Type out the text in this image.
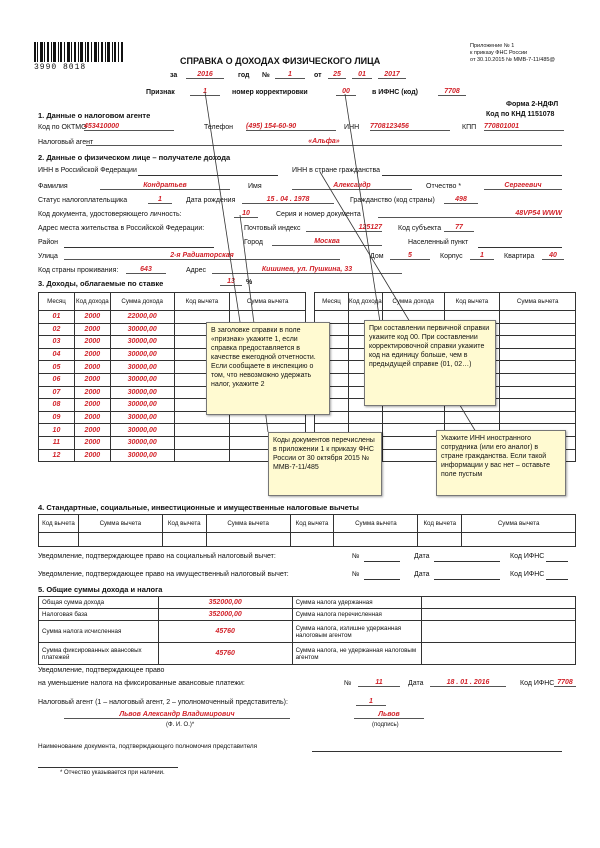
3990 8018
Приложение № 1
к приказу ФНС России
от 30.10.2015 № ММВ-7-11/485@
СПРАВКА О ДОХОДАХ ФИЗИЧЕСКОГО ЛИЦА
за	2016	год №	1	от	25	01	2017
Признак	1	номер корректировки	00	в ИФНС (код)	7708
Форма 2-НДФЛ
Код по КНД 1151078
1. Данные о налоговом агенте
Код по ОКТМО
453410000	Телефон (495) 154-60-90	ИНН 7708123456	КПП 770801001
Налоговый агент	«Альфа»
2. Данные о физическом лице – получателе дохода
ИНН в Российской Федерации	ИНН в стране гражданства
Фамилия	Кондратьев	Имя	Александр	Отчество *	Сергеевич
Статус налогоплательщика	1	Дата рождения	15 . 04 . 1978	Гражданство (код страны)	498
Код документа, удостоверяющего личность:	10	Серия и номер документа	48VP54 WWW
Адрес места жительства в Российской Федерации:	Почтовый индекс	125127 Код субъекта	77
Район	Город	Москва	Населенный пункт
Улица	2-я Радиаторская	Дом	5	Корпус	1	Квартира	40
Код страны проживания:	643	Адрес	Кишинев, ул. Пушкина, 33
3. Доходы, облагаемые по ставке	13	%
Месяц	Код дохода	Сумма дохода	Код вычета	Сумма вычета
01	2000	22000,00		
02	2000	30000,00		
03	2000	30000,00		
04	2000	30000,00		
05	2000	30000,00		
06	2000	30000,00		
07	2000	30000,00		
08	2000	30000,00		
09	2000	30000,00		
10	2000	30000,00		
11	2000	30000,00		
12	2000	30000,00		
Месяц	Код дохода	Сумма дохода	Код вычета	Сумма вычета

4. Стандартные, социальные, инвестиционные и имущественные налоговые вычеты
Код вычета	Сумма вычета	Код вычета	Сумма вычета	Код вычета	Сумма вычета	Код вычета	Сумма вычета

Уведомление, подтверждающее право на социальный налоговый вычет:	№	Дата	Код ИФНС
Уведомление, подтверждающее право на имущественный налоговый вычет:	№	Дата	Код ИФНС
5. Общие суммы дохода и налога
Общая сумма дохода	352000,00	Сумма налога удержанная	
Налоговая база	352000,00	Сумма налога перечисленная	
Сумма налога исчисленная	45760	Сумма налога, излишне удержанная налоговым агентом	
Сумма фиксированных авансовых платежей	45760	Сумма налога, не удержанная налоговым агентом	
Уведомление, подтверждающее право
на уменьшение налога на фиксированные авансовые платежи:	№	11	Дата	18 . 01 . 2016	Код ИФНС 7708
Налоговый агент (1 – налоговый агент, 2 – уполномоченный представитель):	1
Львов Александр Владимирович
(Ф. И. О.)*
Львов
(подпись)
Наименование документа, подтверждающего полномочия представителя
* Отчество указывается при наличии.
В заголовке справки в поле «признак» укажите 1, если справка предоставляется в качестве ежегодной отчетности. Если сообщаете в инспекцию о том, что невозможно удержать налог, укажите 2
При составлении первичной справки укажите код 00. При составлении корректировочной справки укажите код на единицу больше, чем в предыдущей справке (01, 02…)
Коды документов перечислены в приложении 1 к приказу ФНС России от 30 октября 2015 № ММВ-7-11/485
Укажите ИНН иностранного сотрудника (или его аналог) в стране гражданства. Если такой информации у вас нет – оставьте поле пустым
